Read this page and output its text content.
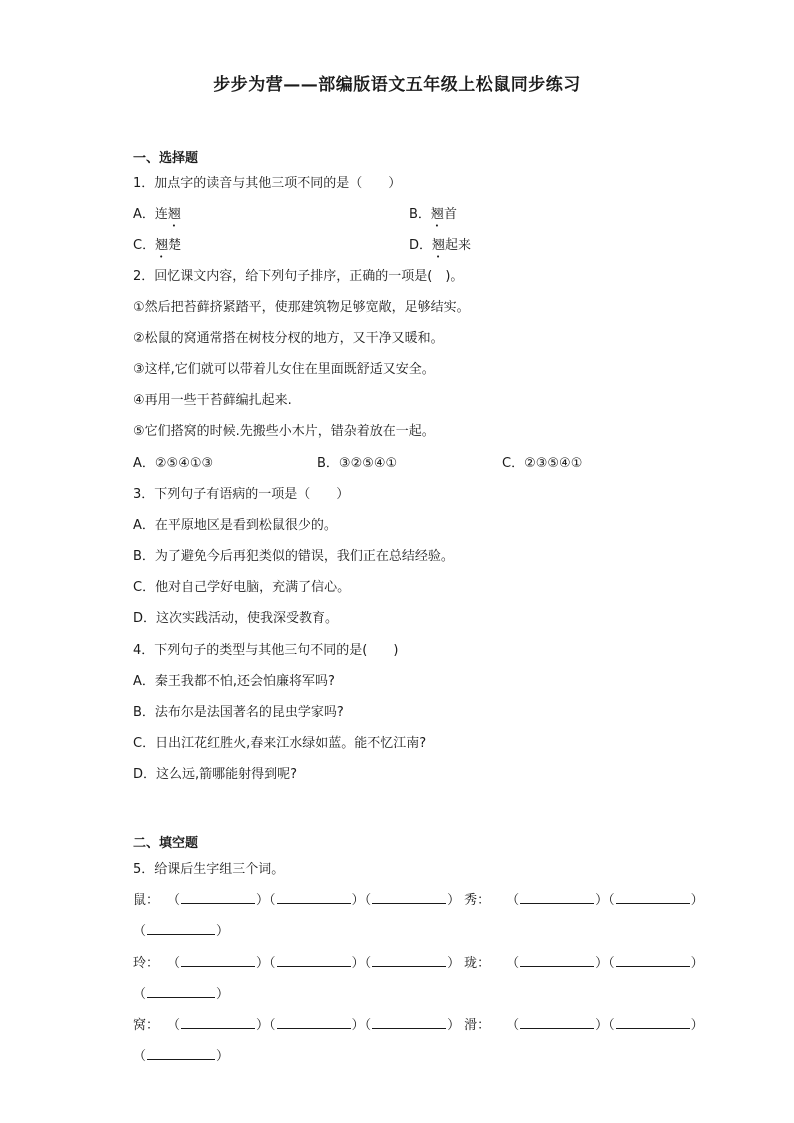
步步为营——部编版语文五年级上松鼠同步练习
一、选择题
1．加点字的读音与其他三项不同的是（　　）
A．连翘	B．翘首
C．翘楚	D．翘起来
2．回忆课文内容，给下列句子排序，正确的一项是(　)。
①然后把苔藓挤紧踏平，使那建筑物足够宽敞，足够结实。
②松鼠的窝通常搭在树枝分杈的地方，又干净又暖和。
③这样,它们就可以带着儿女住在里面既舒适又安全。
④再用一些干苔藓编扎起来.
⑤它们搭窝的时候.先搬些小木片，错杂着放在一起。
A．②⑤④①③	B．③②⑤④①	C．②③⑤④①
3．下列句子有语病的一项是（　　）
A．在平原地区是看到松鼠很少的。
B．为了避免今后再犯类似的错误，我们正在总结经验。
C．他对自己学好电脑，充满了信心。
D．这次实践活动，使我深受教育。
4．下列句子的类型与其他三句不同的是(　　)
A．秦王我都不怕,还会怕廉将军吗?
B．法布尔是法国著名的昆虫学家吗?
C．日出江花红胜火,春来江水绿如蓝。能不忆江南?
D．这么远,箭哪能射得到呢?
二、填空题
5．给课后生字组三个词。
鼠： （	）（	）（	） 秀： （	）（	）
（	）
玲： （	）（	）（	） 珑： （	）（	）
（	）
窝： （	）（	）（	） 滑： （	）（	）
（	）
